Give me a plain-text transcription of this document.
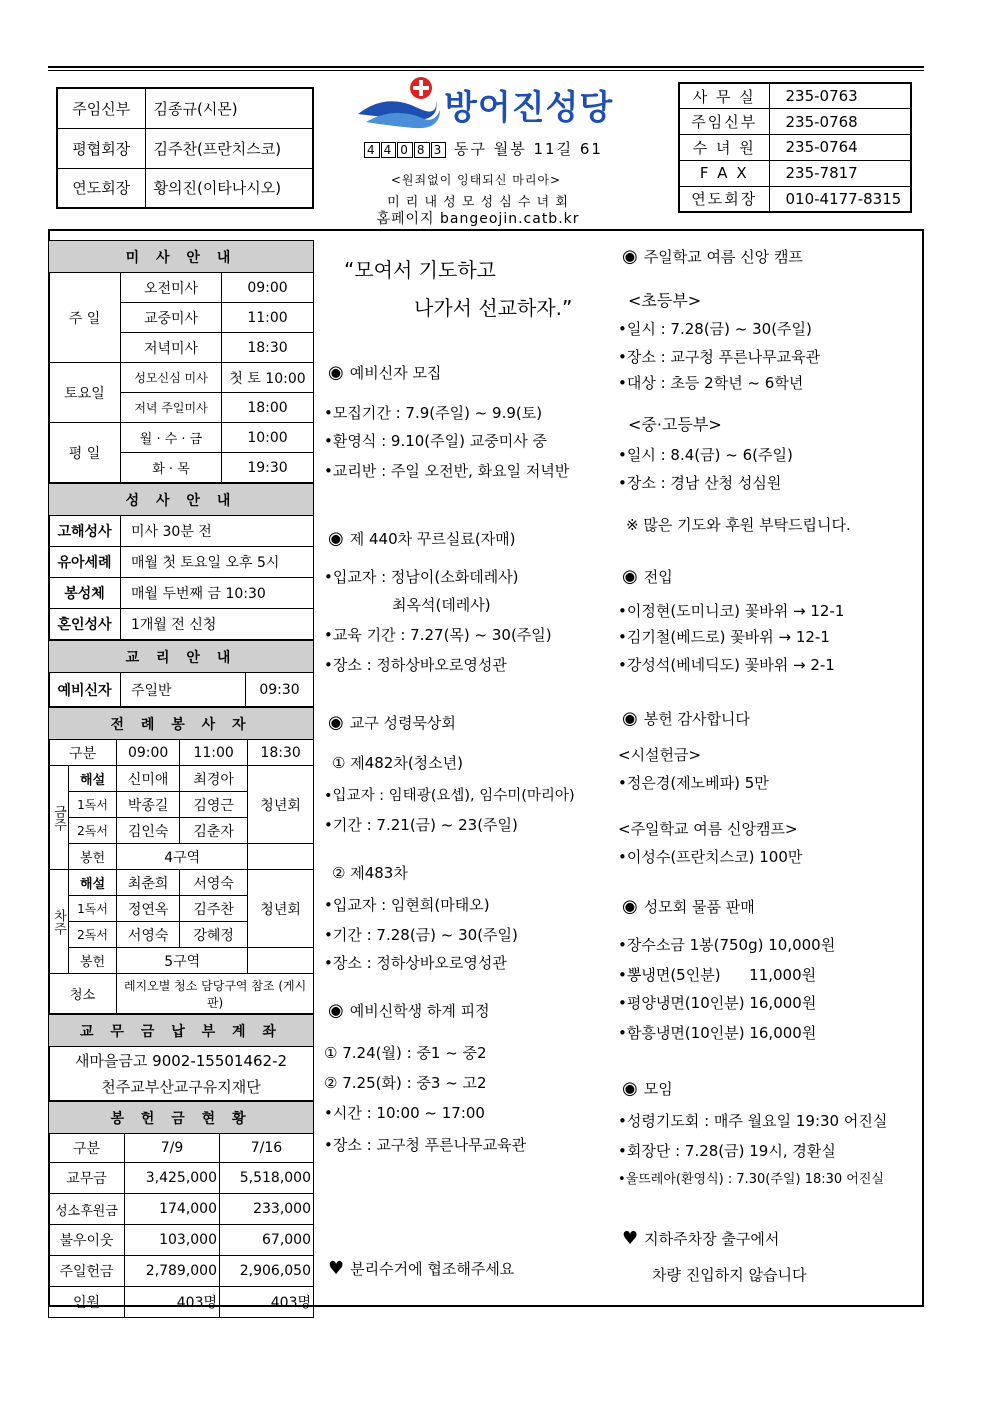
주임신부	김종규(시몬)
평협회장	김주찬(프란치스코)
연도회장	황의진(이타나시오)
방어진성당
4 4 0 8 3 동구 월봉 11길 61
<원죄없이 잉태되신 마리아>
미 리 내 성 모 성 심 수 녀 회
홈페이지 bangeojin.catb.kr
사 무 실	235-0763
주임신부	235-0768
수 녀 원	235-0764
F A X	235-7817
연도회장	010-4177-8315
미 사 안 내		
주 일	오전미사	09:00
	교중미사	11:00
	저녁미사	18:30
토요일	성모신심 미사	첫 토 10:00
	저녁 주일미사	18:00
평 일	월 · 수 · 금	10:00
	화 · 목	19:30
성 사 안 내	
고해성사	미사 30분 전
유아세례	매월 첫 토요일 오후 5시
봉성체	매월 두번째 금 10:30
혼인성사	1개월 전 신청
교 리 안 내
예비신자	주일반	09:30
전 례 봉 사 자				
구분		09:00	11:00	18:30
금주	해설	신미애	최경아	청년회
	1독서	박종길	김영근	
	2독서	김인숙	김춘자	
	봉헌	4구역		
차주	해설	최춘희	서영숙	청년회
	1독서	정연옥	김주찬	
	2독서	서영숙	강혜정	
	봉헌	5구역		
청소		레지오별 청소 담당구역 참조 (게시판)		
교 무 금 납 부 계 좌

새마을금고 9002-15501462-2
천주교부산교구유지재단
봉 헌 금 현 황		
구분	7/9	7/16
교무금	3,425,000	5,518,000
성소후원금	174,000	233,000
불우이웃	103,000	67,000
주일헌금	2,789,000	2,906,050
인원	403명	403명
“모여서 기도하고
나가서 선교하자.”
◉ 예비신자 모집
•모집기간 : 7.9(주일) ~ 9.9(토)
•환영식 : 9.10(주일) 교중미사 중
•교리반 : 주일 오전반, 화요일 저녁반
◉ 제 440차 꾸르실료(자매)
•입교자 : 정남이(소화데레사)
최옥석(데레사)
•교육 기간 : 7.27(목) ~ 30(주일)
•장소 : 정하상바오로영성관
◉ 교구 성령묵상회
① 제482차(청소년)
•입교자 : 임태광(요셉), 임수미(마리아)
•기간 : 7.21(금) ~ 23(주일)
② 제483차
•입교자 : 임현희(마태오)
•기간 : 7.28(금) ~ 30(주일)
•장소 : 정하상바오로영성관
◉ 예비신학생 하계 피정
① 7.24(월) : 중1 ~ 중2
② 7.25(화) : 중3 ~ 고2
•시간 : 10:00 ~ 17:00
•장소 : 교구청 푸른나무교육관
♥ 분리수거에 협조해주세요
◉ 주일학교 여름 신앙 캠프
<초등부>
•일시 : 7.28(금) ~ 30(주일)
•장소 : 교구청 푸른나무교육관
•대상 : 초등 2학년 ~ 6학년
<중·고등부>
•일시 : 8.4(금) ~ 6(주일)
•장소 : 경남 산청 성심원
※ 많은 기도와 후원 부탁드립니다.
◉ 전입
•이정현(도미니코) 꽃바위 → 12-1
•김기철(베드로) 꽃바위 → 12-1
•강성석(베네딕도) 꽃바위 → 2-1
◉ 봉헌 감사합니다
<시설헌금>
•정은경(제노베파) 5만
<주일학교 여름 신앙캠프>
•이성수(프란치스코) 100만
◉ 성모회 물품 판매
•장수소금 1봉(750g) 10,000원
•뽕냉면(5인분)      11,000원
•평양냉면(10인분) 16,000원
•함흥냉면(10인분) 16,000원
◉ 모임
•성령기도회 : 매주 월요일 19:30 어진실
•회장단 : 7.28(금) 19시, 경환실
•울뜨레아(환영식) : 7.30(주일) 18:30 어진실
♥ 지하주차장 출구에서
차량 진입하지 않습니다
